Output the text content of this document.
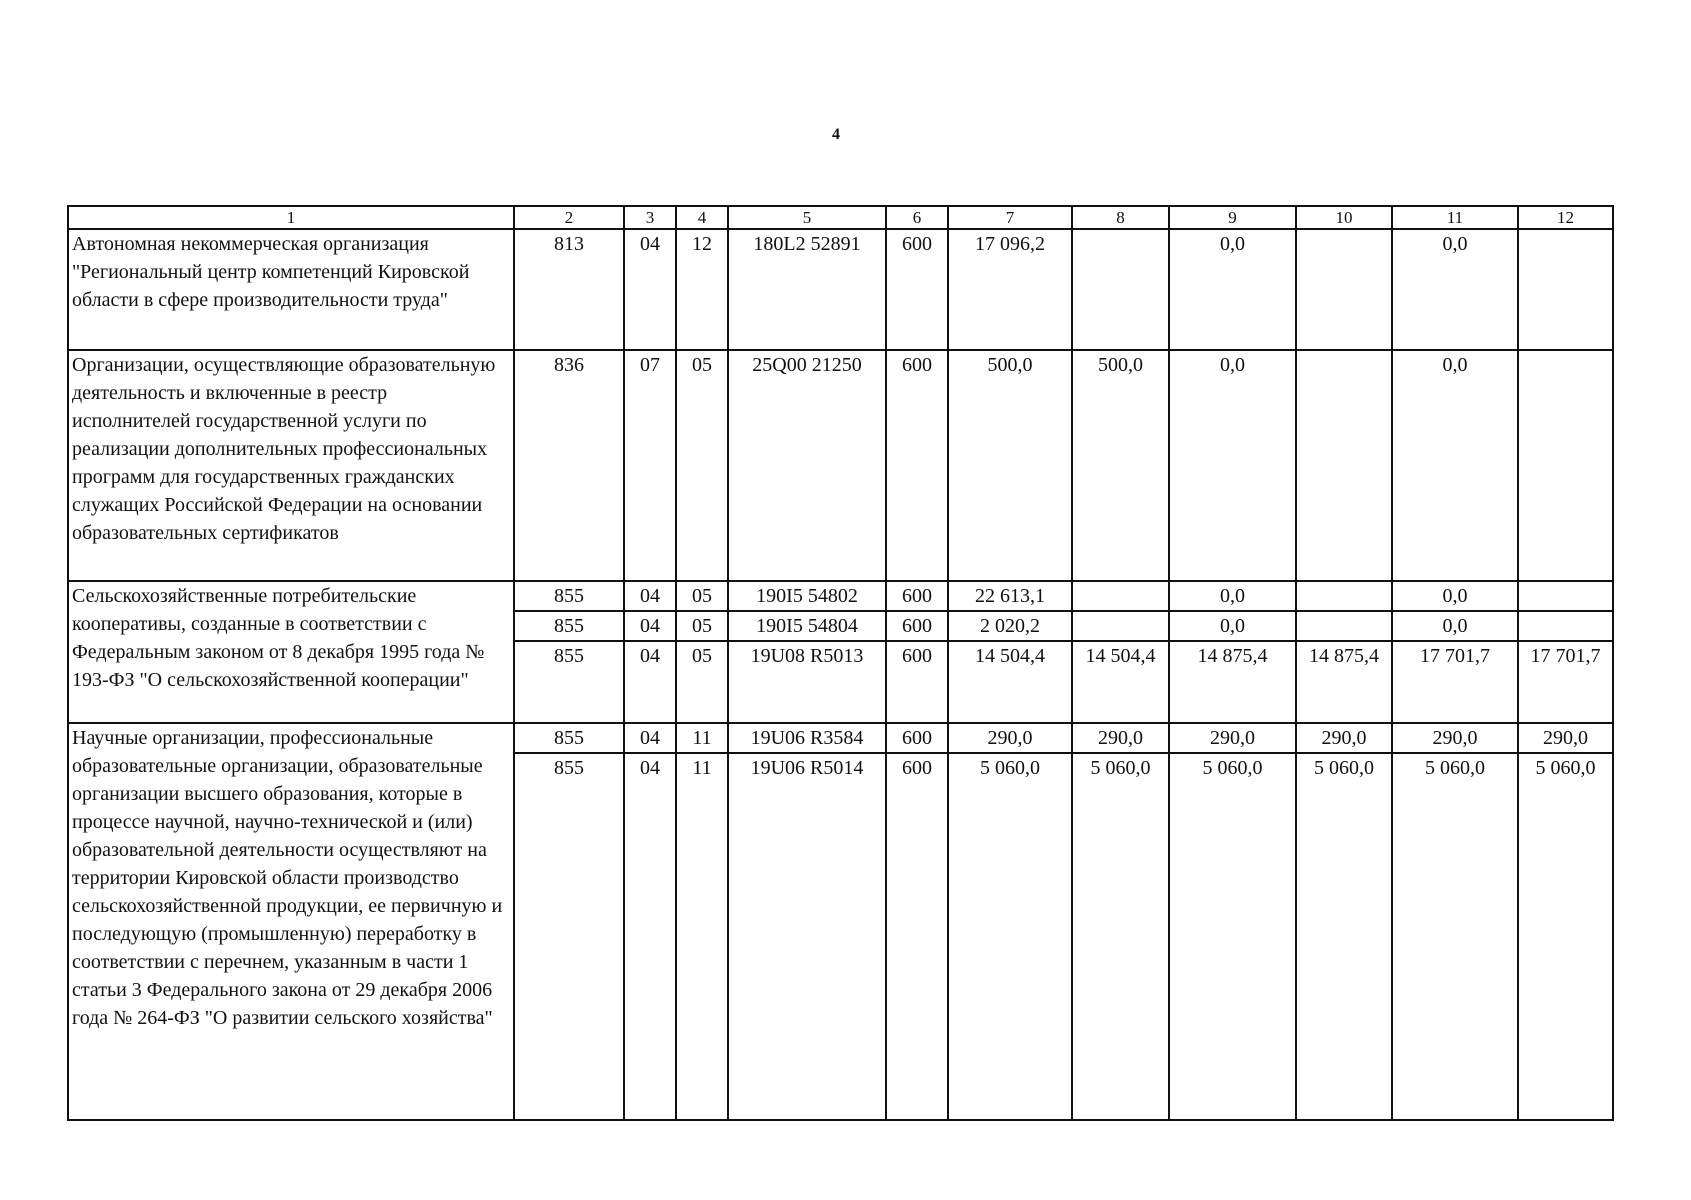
4
1	2	3	4	5	6	7	8	9	10	11	12
Автономная некоммерческая организация "Региональный центр компетенций Кировской области в сфере производительности труда"	813	04	12	180L2 52891	600	17 096,2		0,0		0,0	
Организации, осуществляющие образовательную деятельность и включенные в реестр исполнителей государственной услуги по реализации дополнительных профессиональных программ для государственных гражданских служащих Российской Федерации на основании образовательных сертификатов	836	07	05	25Q00 21250	600	500,0	500,0	0,0		0,0	
Сельскохозяйственные потребительские кооперативы, созданные в соответствии с Федеральным законом от 8 декабря 1995 года № 193-ФЗ "О сельскохозяйственной кооперации"	855	04	05	190I5 54802	600	22 613,1		0,0		0,0	
	855	04	05	190I5 54804	600	2 020,2		0,0		0,0	
	855	04	05	19U08 R5013	600	14 504,4	14 504,4	14 875,4	14 875,4	17 701,7	17 701,7
Научные организации, профессиональные образовательные организации, образовательные организации высшего образования, которые в процессе научной, научно-технической и (или) образовательной деятельности осуществляют на территории Кировской области производство сельскохозяйственной продукции, ее первичную и последующую (промышленную) переработку в соответствии с перечнем, указанным в части 1 статьи 3 Федерального закона от 29 декабря 2006 года № 264-ФЗ "О развитии сельского хозяйства"	855	04	11	19U06 R3584	600	290,0	290,0	290,0	290,0	290,0	290,0
	855	04	11	19U06 R5014	600	5 060,0	5 060,0	5 060,0	5 060,0	5 060,0	5 060,0
